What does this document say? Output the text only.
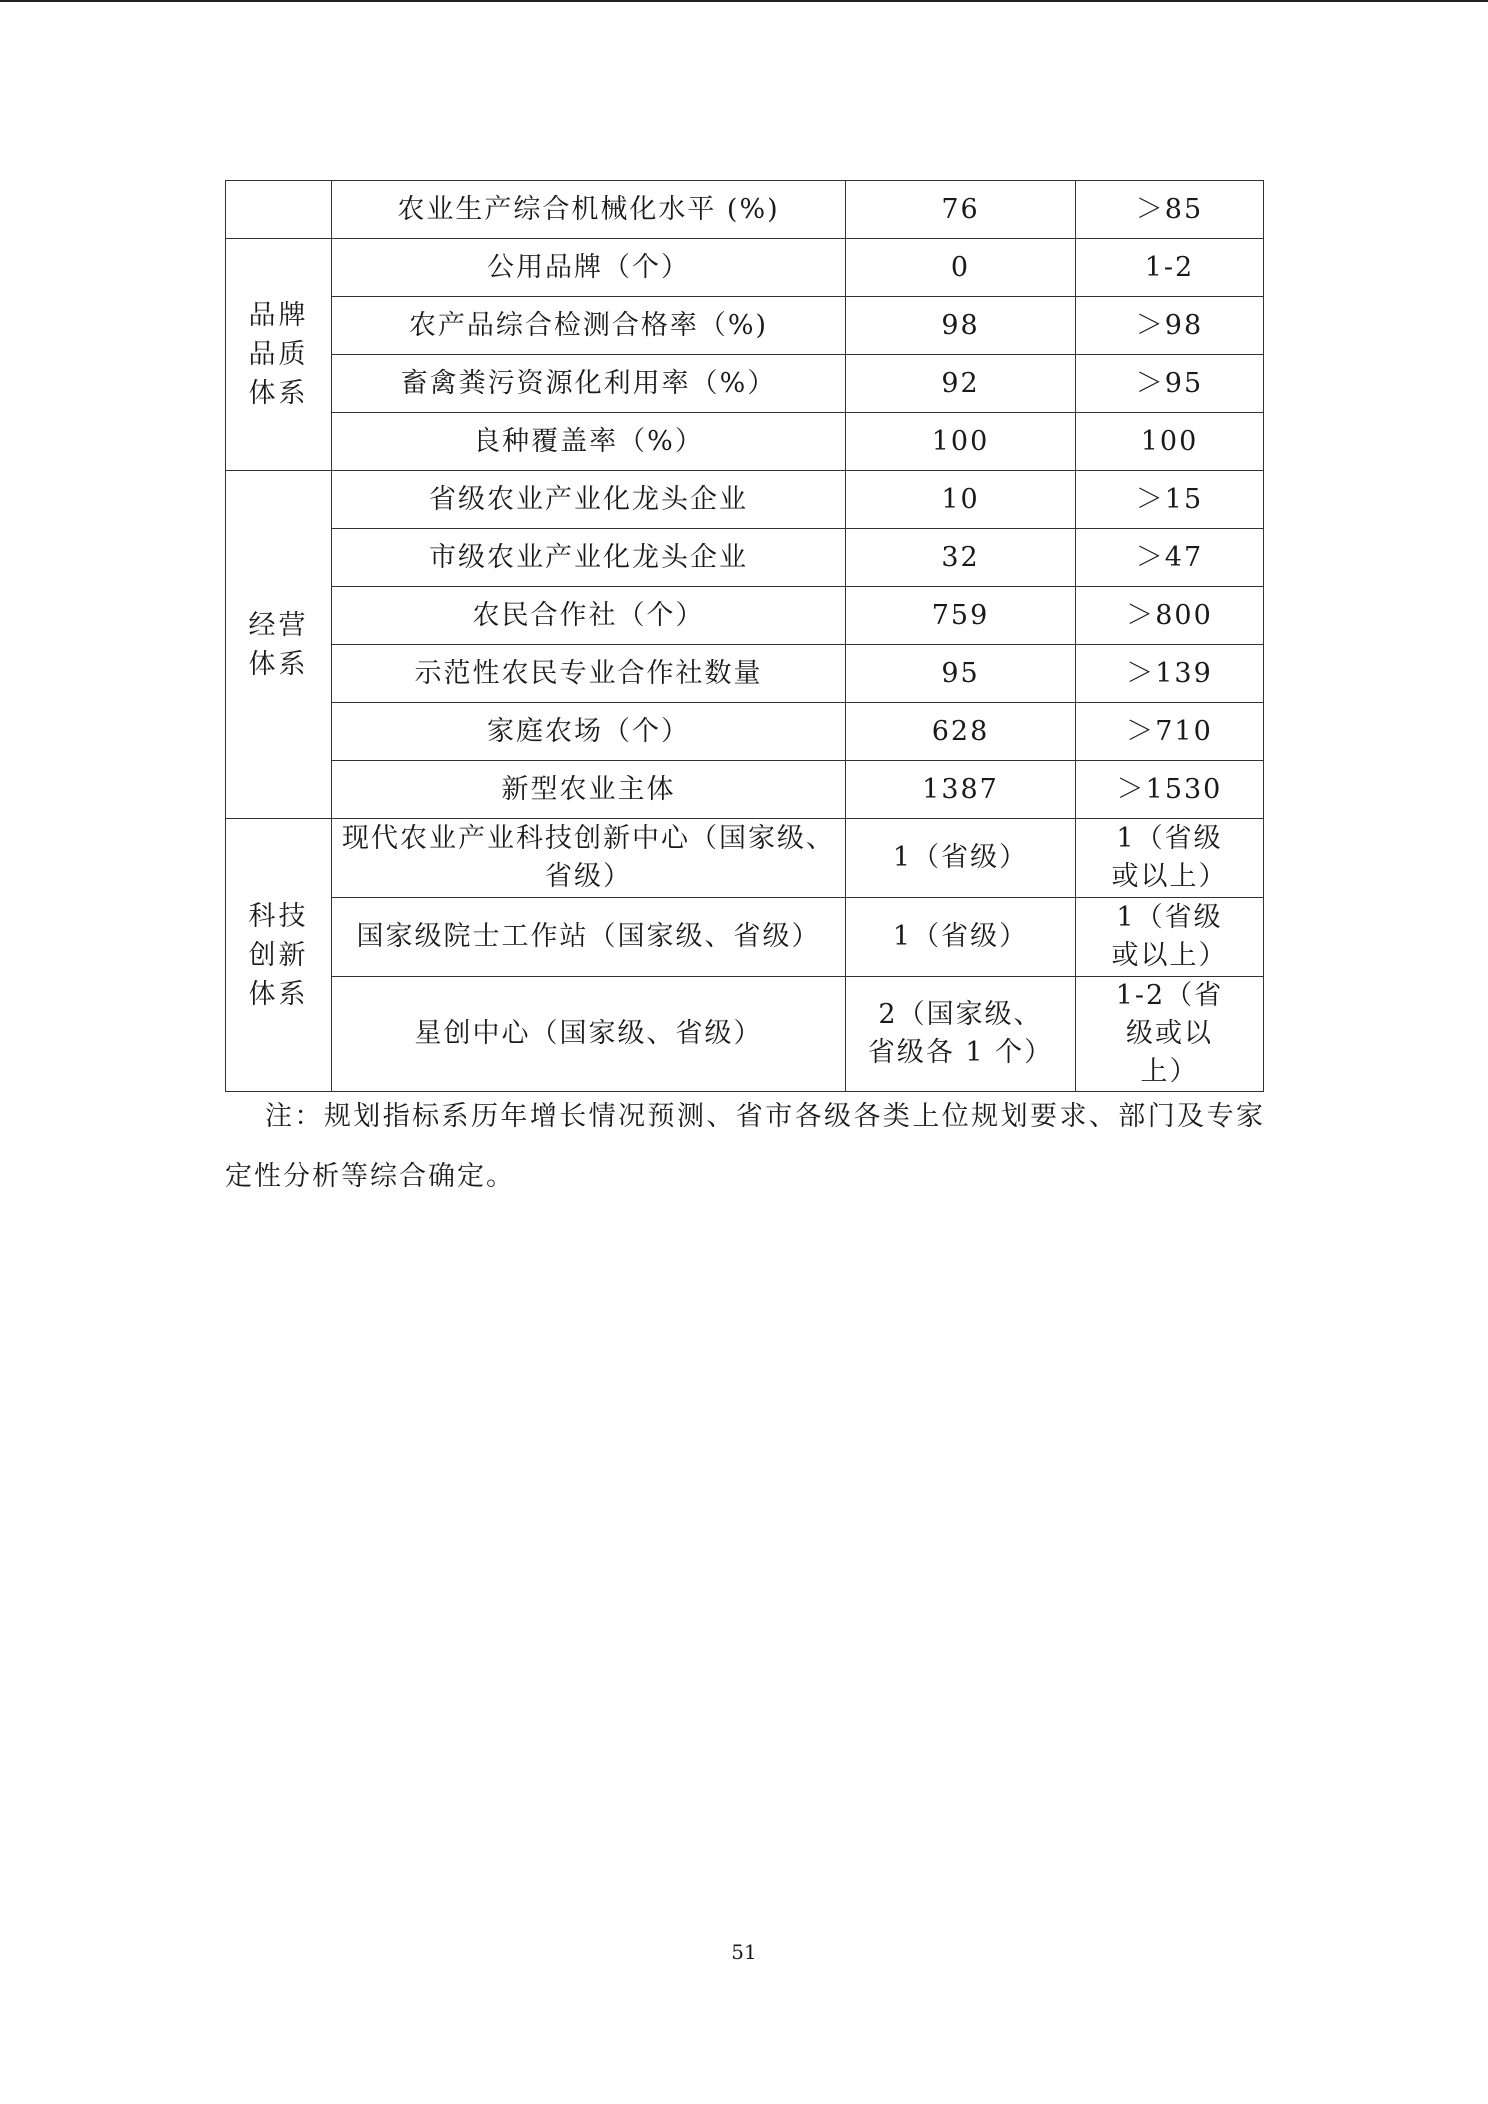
	农业生产综合机械化水平 (%)	76	＞85
品牌品质体系	公用品牌（个）	0	1-2
	农产品综合检测合格率（%)	98	＞98
	畜禽粪污资源化利用率（%）	92	＞95
	良种覆盖率（%）	100	100
经营体系	省级农业产业化龙头企业	10	＞15
	市级农业产业化龙头企业	32	＞47
	农民合作社（个）	759	＞800
	示范性农民专业合作社数量	95	＞139
	家庭农场（个）	628	＞710
	新型农业主体	1387	＞1530
科技创新体系	现代农业产业科技创新中心（国家级、省级）	1（省级）	1（省级或以上）
	国家级院士工作站（国家级、省级）	1（省级）	1（省级或以上）
	星创中心（国家级、省级）	2（国家级、省级各 1 个）	1-2（省级或以上）

注：规划指标系历年增长情况预测、省市各级各类上位规划要求、部门及专家定性分析等综合确定。

51
